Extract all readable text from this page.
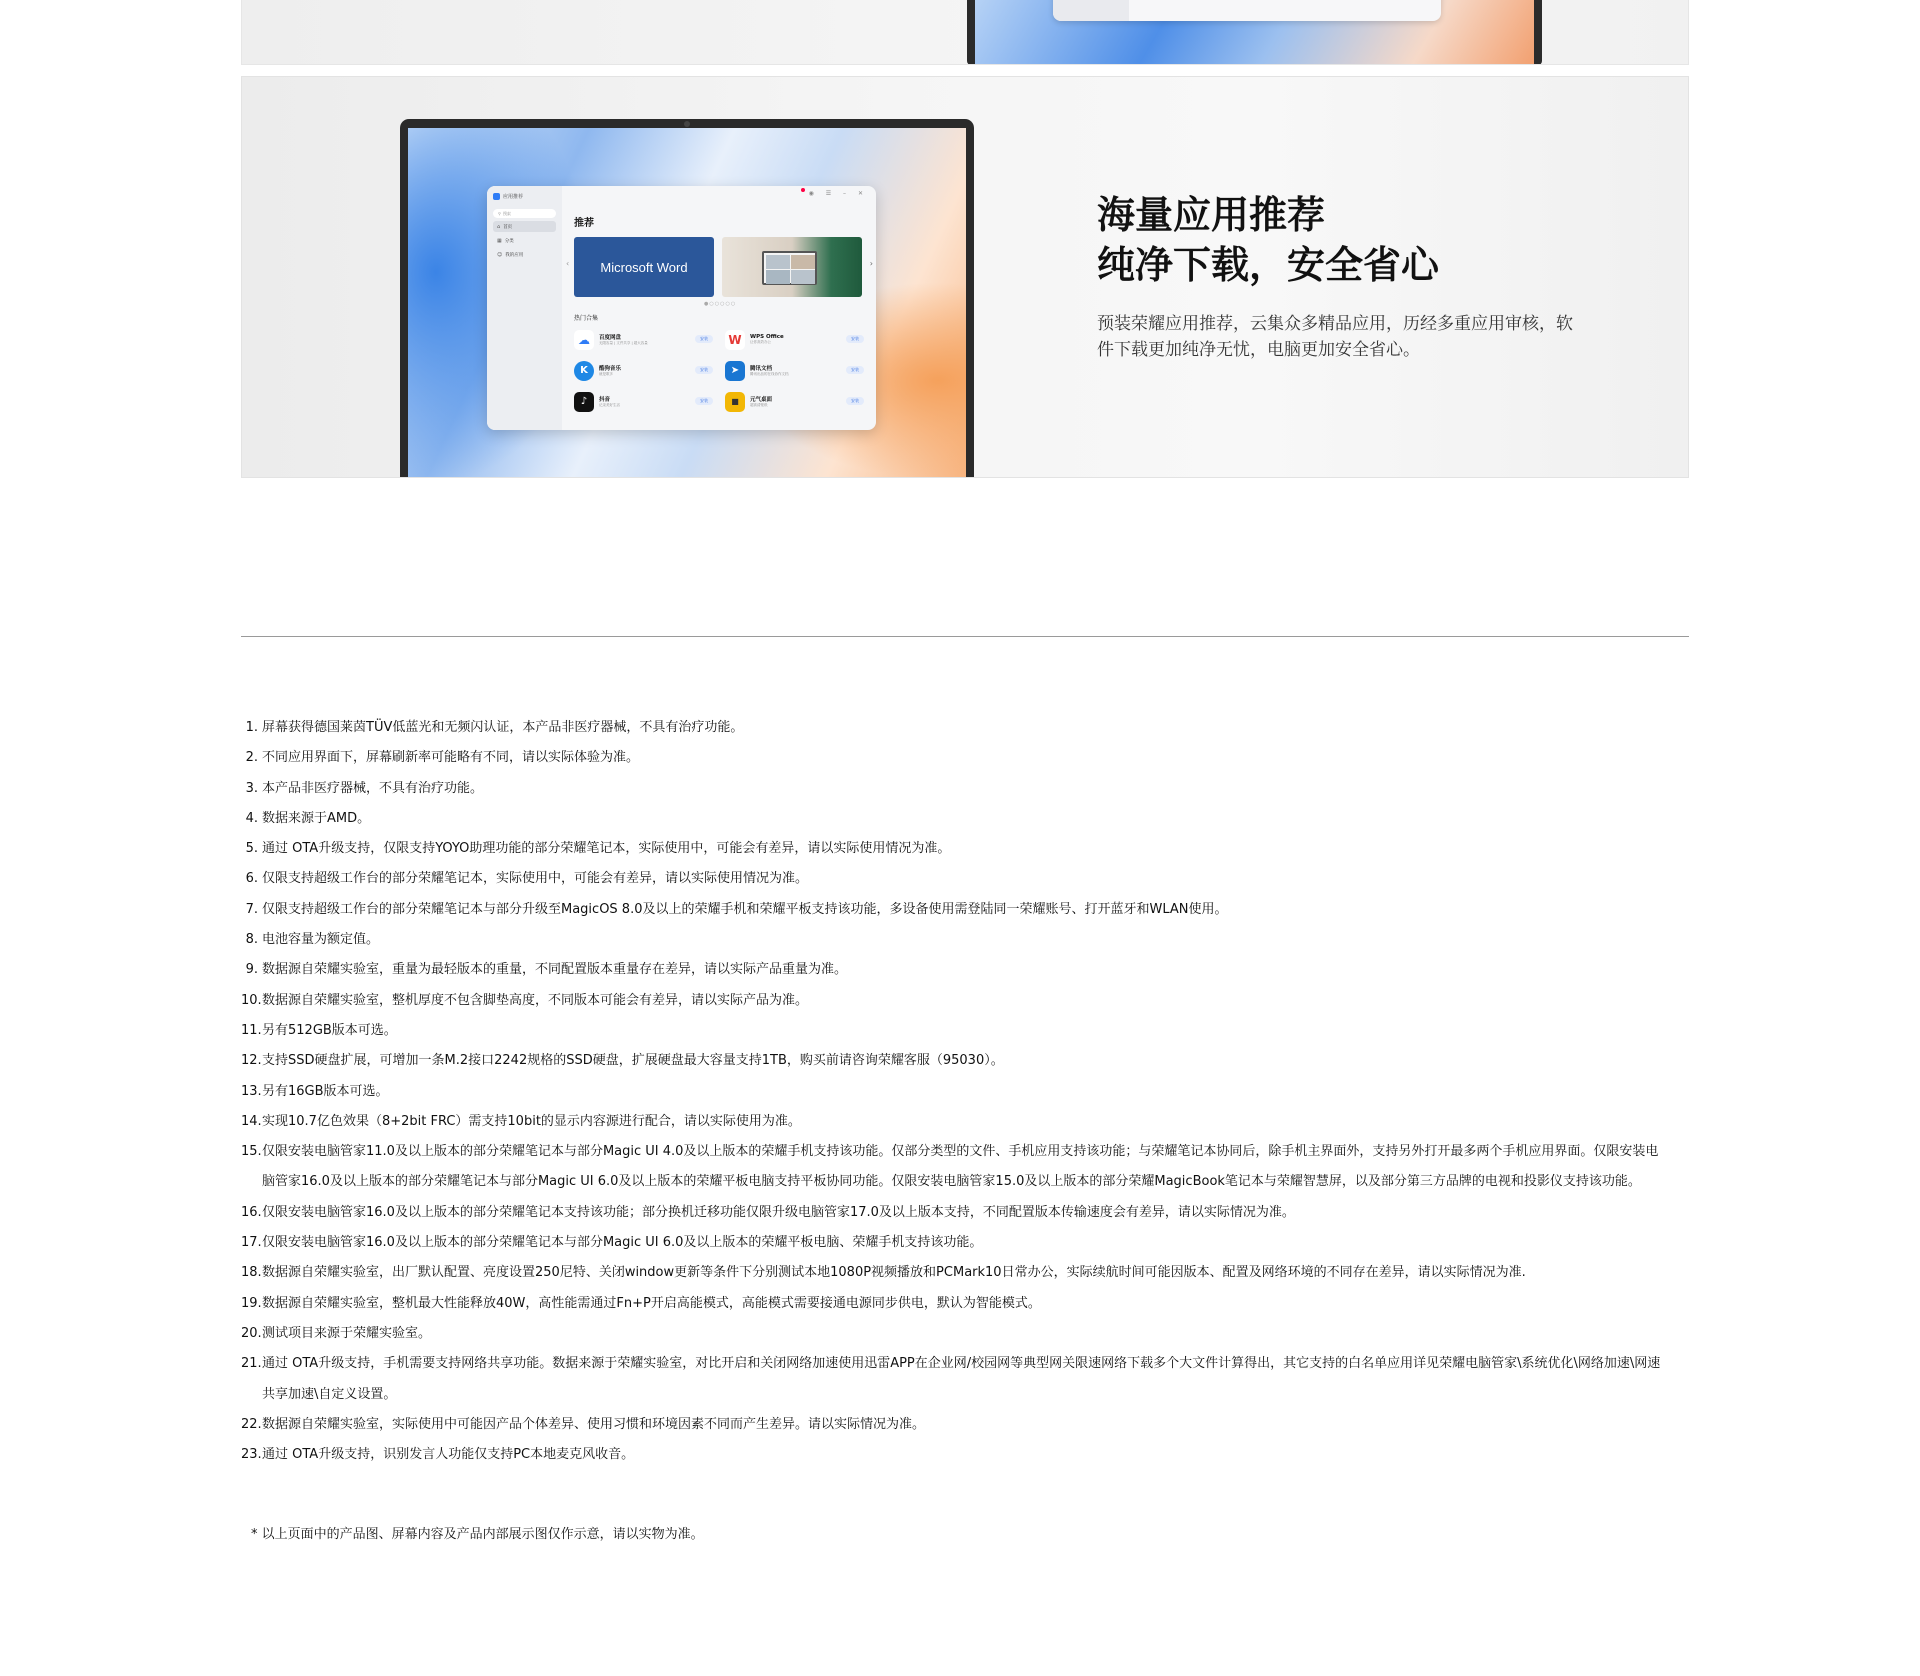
应用推荐
⚲ 搜索
⌂ 首页
▦ 分类
☺ 我的应用
◉ ☰ – ✕
推荐
‹	Microsoft Word	›
●○○○○○
热门合集
☁	百度网盘
无限容量 | 文件共享 | 超大容量
安装	W	WPS Office
让你高效办公
安装
K	酷狗音乐
就是歌多
安装	➤	腾讯文档
腾讯出品的在线协作文档
安装
♪	抖音
记录美好生活
安装	■	元气桌面
超高清壁纸
安装
海量应用推荐
纯净下载，安全省心
预装荣耀应用推荐，云集众多精品应用，历经多重应用审核，软件下载更加纯净无忧，电脑更加安全省心。
1. 屏幕获得德国莱茵TÜV低蓝光和无频闪认证，本产品非医疗器械，不具有治疗功能。
2. 不同应用界面下，屏幕刷新率可能略有不同，请以实际体验为准。
3. 本产品非医疗器械，不具有治疗功能。
4. 数据来源于AMD。
5. 通过 OTA升级支持，仅限支持YOYO助理功能的部分荣耀笔记本，实际使用中，可能会有差异，请以实际使用情况为准。
6. 仅限支持超级工作台的部分荣耀笔记本，实际使用中，可能会有差异，请以实际使用情况为准。
7. 仅限支持超级工作台的部分荣耀笔记本与部分升级至MagicOS 8.0及以上的荣耀手机和荣耀平板支持该功能，多设备使用需登陆同一荣耀账号、打开蓝牙和WLAN使用。
8. 电池容量为额定值。
9. 数据源自荣耀实验室，重量为最轻版本的重量，不同配置版本重量存在差异，请以实际产品重量为准。
10. 数据源自荣耀实验室，整机厚度不包含脚垫高度，不同版本可能会有差异，请以实际产品为准。
11. 另有512GB版本可选。
12. 支持SSD硬盘扩展，可增加一条M.2接口2242规格的SSD硬盘，扩展硬盘最大容量支持1TB，购买前请咨询荣耀客服（95030）。
13. 另有16GB版本可选。
14. 实现10.7亿色效果（8+2bit FRC）需支持10bit的显示内容源进行配合，请以实际使用为准。
15. 仅限安装电脑管家11.0及以上版本的部分荣耀笔记本与部分Magic UI 4.0及以上版本的荣耀手机支持该功能。仅部分类型的文件、手机应用支持该功能；与荣耀笔记本协同后，除手机主界面外，支持另外打开最多两个手机应用界面。仅限安装电脑管家16.0及以上版本的部分荣耀笔记本与部分Magic UI 6.0及以上版本的荣耀平板电脑支持平板协同功能。仅限安装电脑管家15.0及以上版本的部分荣耀MagicBook笔记本与荣耀智慧屏，以及部分第三方品牌的电视和投影仪支持该功能。
16. 仅限安装电脑管家16.0及以上版本的部分荣耀笔记本支持该功能；部分换机迁移功能仅限升级电脑管家17.0及以上版本支持，不同配置版本传输速度会有差异，请以实际情况为准。
17. 仅限安装电脑管家16.0及以上版本的部分荣耀笔记本与部分Magic UI 6.0及以上版本的荣耀平板电脑、荣耀手机支持该功能。
18. 数据源自荣耀实验室，出厂默认配置、亮度设置250尼特、关闭window更新等条件下分别测试本地1080P视频播放和PCMark10日常办公，实际续航时间可能因版本、配置及网络环境的不同存在差异，请以实际情况为准.
19. 数据源自荣耀实验室，整机最大性能释放40W，高性能需通过Fn+P开启高能模式，高能模式需要接通电源同步供电，默认为智能模式。
20. 测试项目来源于荣耀实验室。
21. 通过 OTA升级支持，手机需要支持网络共享功能。数据来源于荣耀实验室，对比开启和关闭网络加速使用迅雷APP在企业网/校园网等典型网关限速网络下载多个大文件计算得出，其它支持的白名单应用详见荣耀电脑管家\系统优化\网络加速\网速共享加速\自定义设置。
22. 数据源自荣耀实验室，实际使用中可能因产品个体差异、使用习惯和环境因素不同而产生差异。请以实际情况为准。
23. 通过 OTA升级支持，识别发言人功能仅支持PC本地麦克风收音。
* 以上页面中的产品图、屏幕内容及产品内部展示图仅作示意，请以实物为准。
